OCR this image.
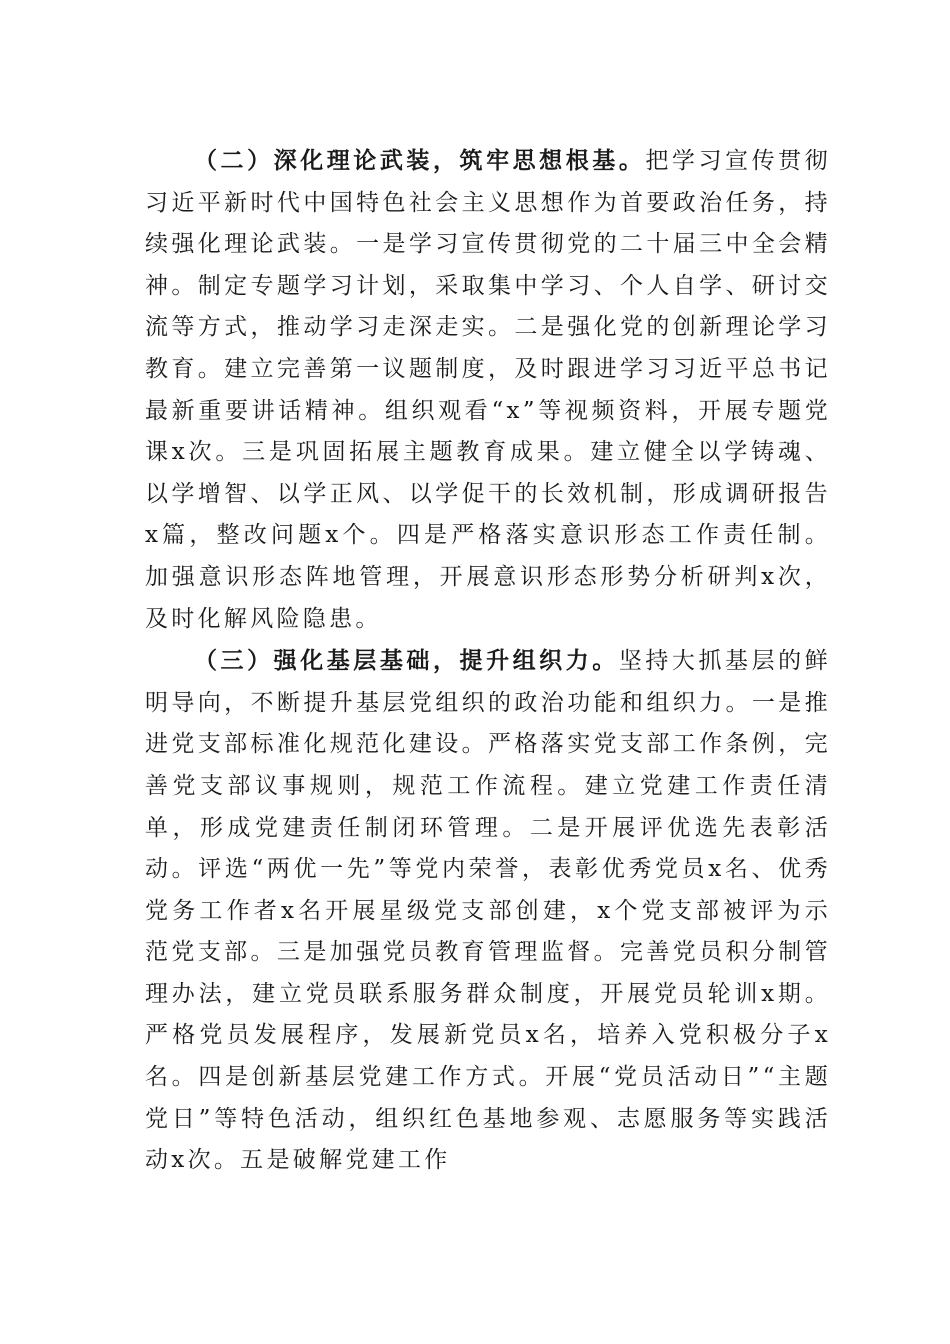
（二）深化理论武装，筑牢思想根基。把学习宣传贯彻习近平新时代中国特色社会主义思想作为首要政治任务，持续强化理论武装。一是学习宣传贯彻党的二十届三中全会精神。制定专题学习计划，采取集中学习、个人自学、研讨交流等方式，推动学习走深走实。二是强化党的创新理论学习教育。建立完善第一议题制度，及时跟进学习习近平总书记最新重要讲话精神。组织观看“x”等视频资料，开展专题党课x次。三是巩固拓展主题教育成果。建立健全以学铸魂、以学增智、以学正风、以学促干的长效机制，形成调研报告x篇，整改问题x个。四是严格落实意识形态工作责任制。加强意识形态阵地管理，开展意识形态形势分析研判x次，及时化解风险隐患。

（三）强化基层基础，提升组织力。坚持大抓基层的鲜明导向，不断提升基层党组织的政治功能和组织力。一是推进党支部标准化规范化建设。严格落实党支部工作条例，完善党支部议事规则，规范工作流程。建立党建工作责任清单，形成党建责任制闭环管理。二是开展评优选先表彰活动。评选“两优一先”等党内荣誉，表彰优秀党员x名、优秀党务工作者x名开展星级党支部创建，x个党支部被评为示范党支部。三是加强党员教育管理监督。完善党员积分制管理办法，建立党员联系服务群众制度，开展党员轮训x期。严格党员发展程序，发展新党员x名，培养入党积极分子x名。四是创新基层党建工作方式。开展“党员活动日”“主题党日”等特色活动，组织红色基地参观、志愿服务等实践活动x次。五是破解党建工作
